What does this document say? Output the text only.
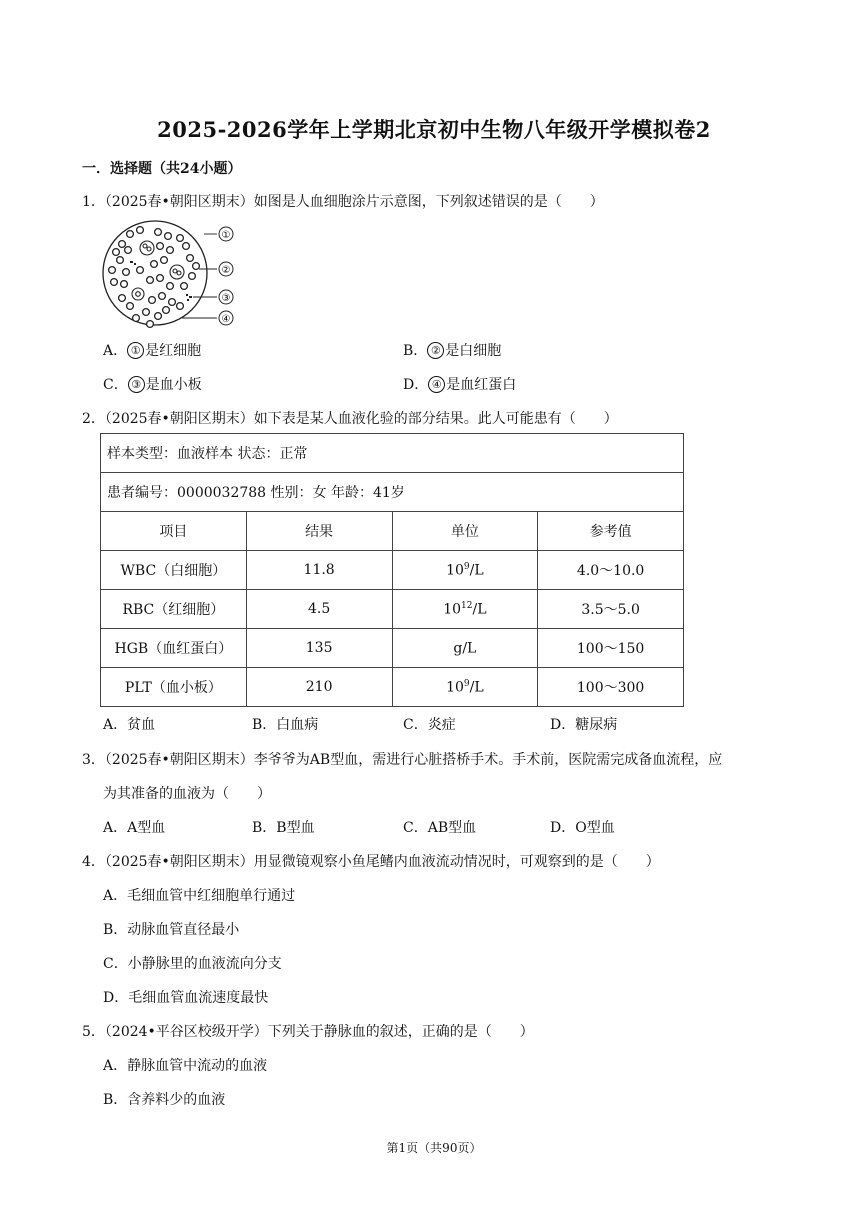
2025-2026学年上学期北京初中生物八年级开学模拟卷2
一．选择题（共24小题）
1．（2025春•朝阳区期末）如图是人血细胞涂片示意图，下列叙述错误的是（　　）
①
②
③
④
A． ① 是红细胞	B． ② 是白细胞
C． ③ 是血小板	D． ④ 是血红蛋白
2．（2025春•朝阳区期末）如下表是某人血液化验的部分结果。此人可能患有（　　）
样本类型：血液样本 状态：正常			
患者编号：0000032788 性别：女 年龄：41岁			
项目	结果	单位	参考值
WBC（白细胞）	11.8	$10^9/L$	4.0～10.0
RBC（红细胞）	4.5	$10^{12}/L$	3.5～5.0
HGB（血红蛋白）	135	g/L	100～150
PLT（血小板）	210	$10^9/L$	100～300
A．贫血	B．白血病	C．炎症	D．糖尿病
3．（2025春•朝阳区期末）李爷爷为AB型血，需进行心脏搭桥手术。手术前，医院需完成备血流程，应
为其准备的血液为（　　）
A．A型血	B．B型血	C．AB型血	D．O型血
4．（2025春•朝阳区期末）用显微镜观察小鱼尾鳍内血液流动情况时，可观察到的是（　　）
A．毛细血管中红细胞单行通过
B．动脉血管直径最小
C．小静脉里的血液流向分支
D．毛细血管血流速度最快
5．（2024•平谷区校级开学）下列关于静脉血的叙述，正确的是（　　）
A．静脉血管中流动的血液
B．含养料少的血液
第1页（共90页）
